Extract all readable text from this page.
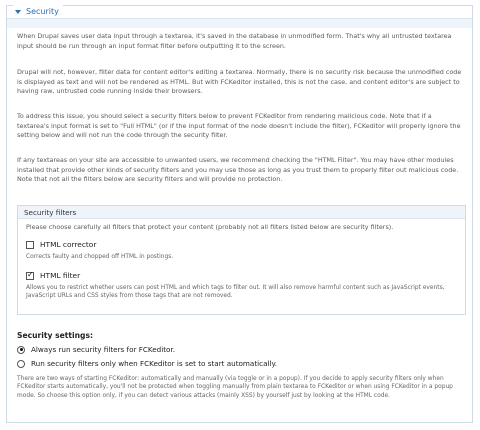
Security

When Drupal saves user data input through a textarea, it's saved in the database in unmodified form. That's why all untrusted textarea input should be run through an input format filter before outputting it to the screen.

Drupal will not, however, filter data for content editor's editing a textarea. Normally, there is no security risk because the unmodified code is displayed as text and will not be rendered as HTML. But with FCKeditor installed, this is not the case, and content editor's are subject to having raw, untrusted code running inside their browsers.

To address this issue, you should select a security filters below to prevent FCKeditor from rendering malicious code. Note that if a textarea's input format is set to "Full HTML" (or if the input format of the node doesn't include the filter), FCKeditor will properly ignore the setting below and will not run the code through the security filter.

If any textareas on your site are accessible to unwanted users, we recommend checking the "HTML Filter". You may have other modules installed that provide other kinds of security filters and you may use those as long as you trust them to properly filter out malicious code. Note that not all the filters below are security filters and will provide no protection.

Security filters
Please choose carefully all filters that protect your content (probably not all filters listed below are security filters).
HTML corrector
Corrects faulty and chopped off HTML in postings.
✓
HTML filter
Allows you to restrict whether users can post HTML and which tags to filter out. It will also remove harmful content such as JavaScript events, JavaScript URLs and CSS styles from those tags that are not removed.
Security settings:
Always run security filters for FCKeditor.
Run security filters only when FCKeditor is set to start automatically.

There are two ways of starting FCKeditor: automatically and manually (via toggle or in a popup). If you decide to apply security filters only when FCKeditor starts automatically, you'll not be protected when toggling manually from plain textarea to FCKeditor or when using FCKeditor in a popup mode. So choose this option only, if you can detect various attacks (mainly XSS) by yourself just by looking at the HTML code.
